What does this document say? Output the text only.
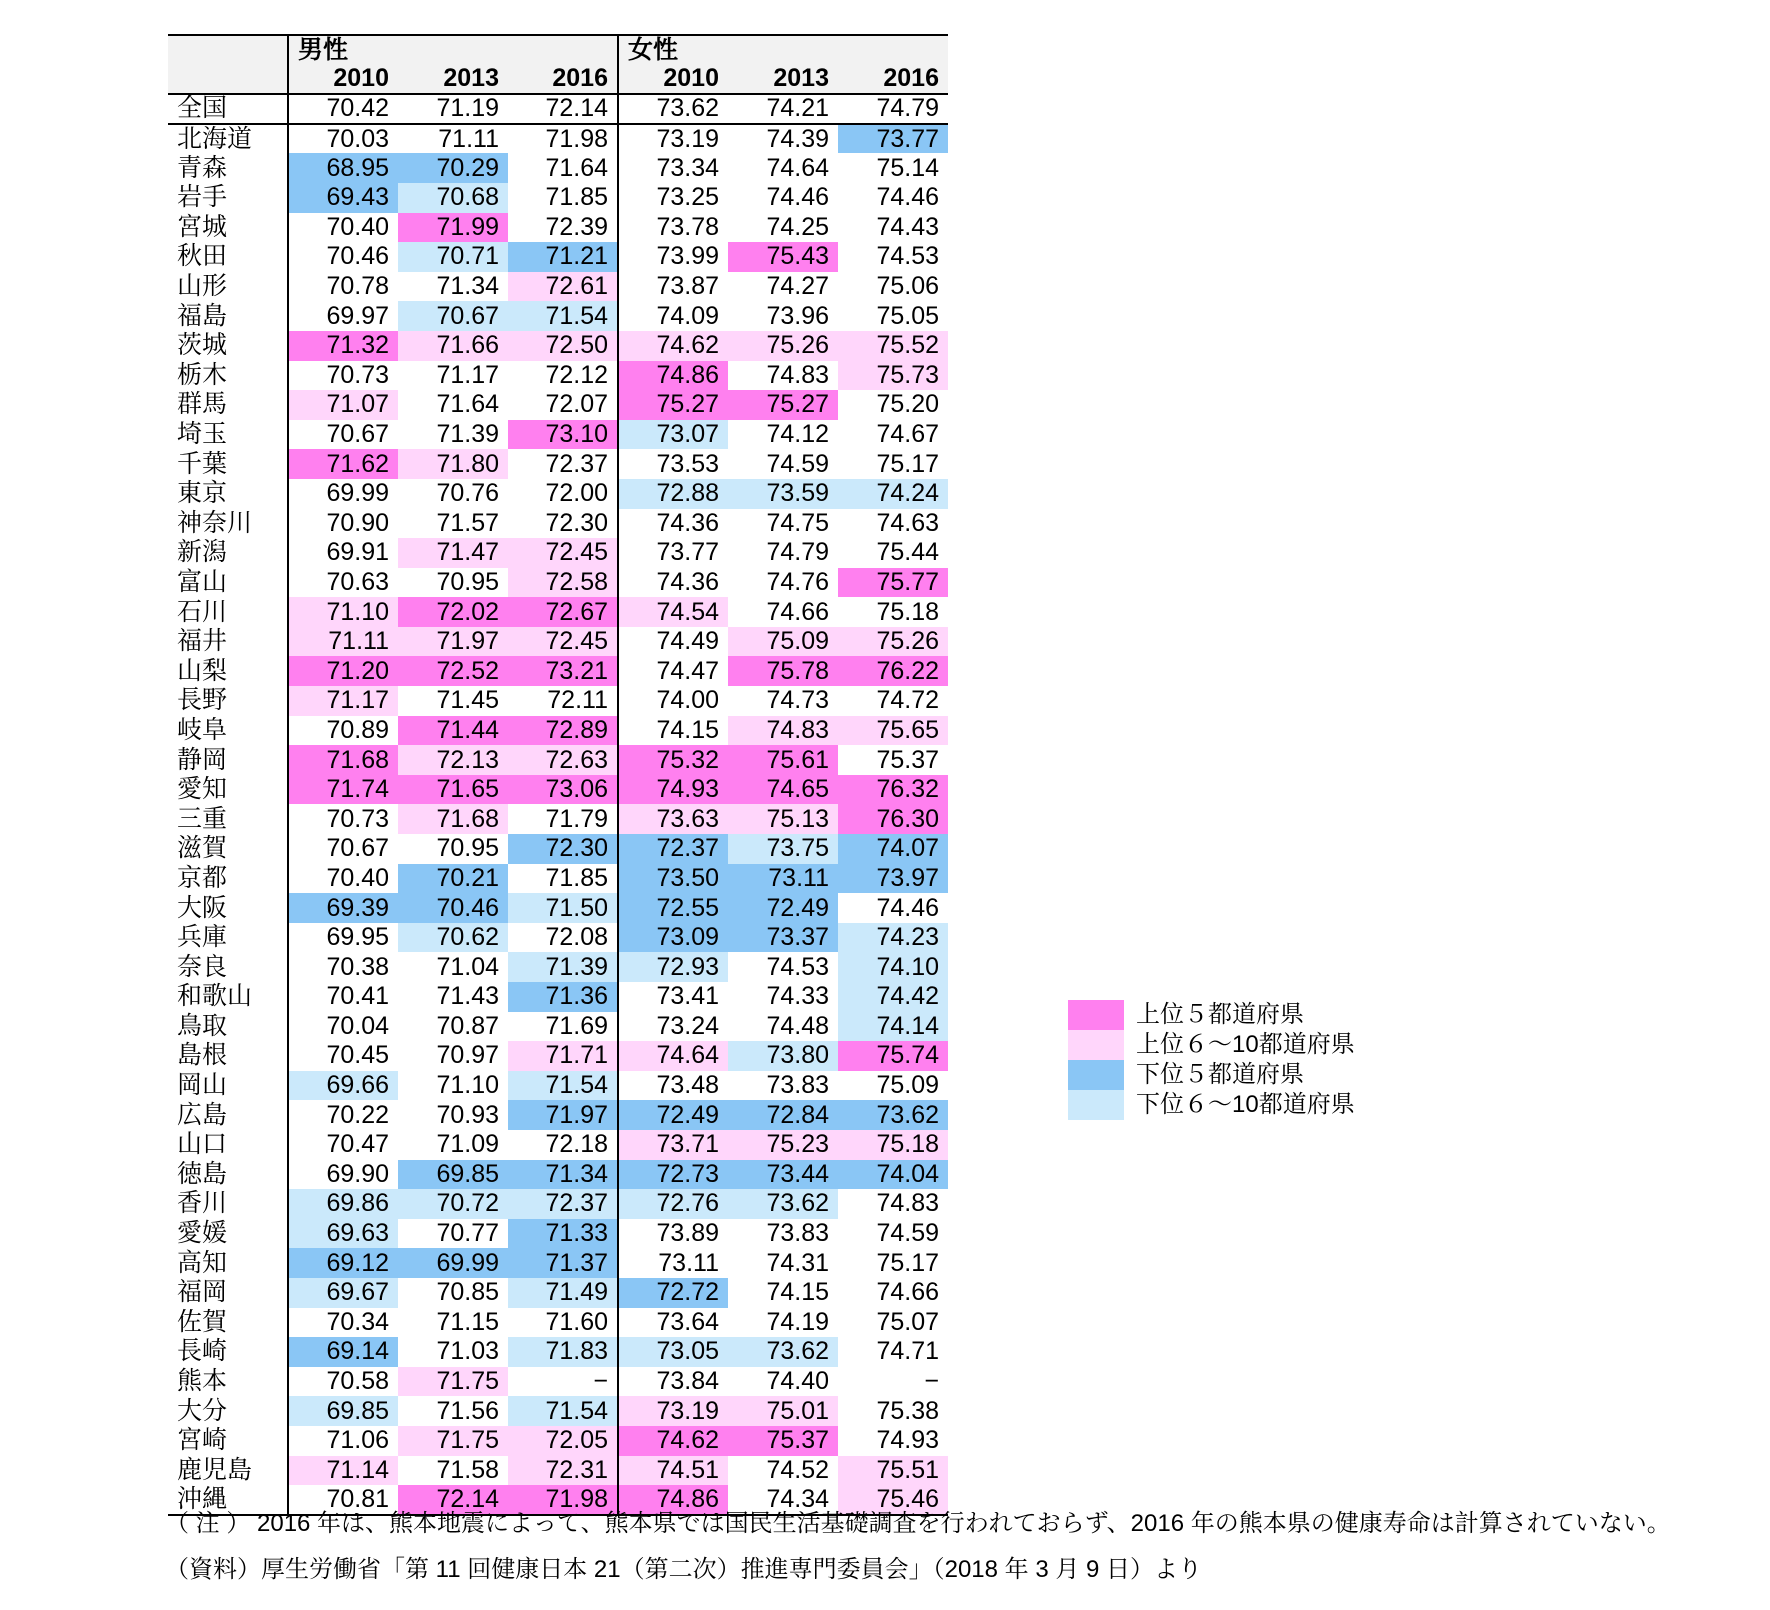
	男性			女性		
	2010	2013	2016	2010	2013	2016
全国	70.42	71.19	72.14	73.62	74.21	74.79
北海道	70.03	71.11	71.98	73.19	74.39	73.77
青森	68.95	70.29	71.64	73.34	74.64	75.14
岩手	69.43	70.68	71.85	73.25	74.46	74.46
宮城	70.40	71.99	72.39	73.78	74.25	74.43
秋田	70.46	70.71	71.21	73.99	75.43	74.53
山形	70.78	71.34	72.61	73.87	74.27	75.06
福島	69.97	70.67	71.54	74.09	73.96	75.05
茨城	71.32	71.66	72.50	74.62	75.26	75.52
栃木	70.73	71.17	72.12	74.86	74.83	75.73
群馬	71.07	71.64	72.07	75.27	75.27	75.20
埼玉	70.67	71.39	73.10	73.07	74.12	74.67
千葉	71.62	71.80	72.37	73.53	74.59	75.17
東京	69.99	70.76	72.00	72.88	73.59	74.24
神奈川	70.90	71.57	72.30	74.36	74.75	74.63
新潟	69.91	71.47	72.45	73.77	74.79	75.44
富山	70.63	70.95	72.58	74.36	74.76	75.77
石川	71.10	72.02	72.67	74.54	74.66	75.18
福井	71.11	71.97	72.45	74.49	75.09	75.26
山梨	71.20	72.52	73.21	74.47	75.78	76.22
長野	71.17	71.45	72.11	74.00	74.73	74.72
岐阜	70.89	71.44	72.89	74.15	74.83	75.65
静岡	71.68	72.13	72.63	75.32	75.61	75.37
愛知	71.74	71.65	73.06	74.93	74.65	76.32
三重	70.73	71.68	71.79	73.63	75.13	76.30
滋賀	70.67	70.95	72.30	72.37	73.75	74.07
京都	70.40	70.21	71.85	73.50	73.11	73.97
大阪	69.39	70.46	71.50	72.55	72.49	74.46
兵庫	69.95	70.62	72.08	73.09	73.37	74.23
奈良	70.38	71.04	71.39	72.93	74.53	74.10
和歌山	70.41	71.43	71.36	73.41	74.33	74.42
鳥取	70.04	70.87	71.69	73.24	74.48	74.14
島根	70.45	70.97	71.71	74.64	73.80	75.74
岡山	69.66	71.10	71.54	73.48	73.83	75.09
広島	70.22	70.93	71.97	72.49	72.84	73.62
山口	70.47	71.09	72.18	73.71	75.23	75.18
徳島	69.90	69.85	71.34	72.73	73.44	74.04
香川	69.86	70.72	72.37	72.76	73.62	74.83
愛媛	69.63	70.77	71.33	73.89	73.83	74.59
高知	69.12	69.99	71.37	73.11	74.31	75.17
福岡	69.67	70.85	71.49	72.72	74.15	74.66
佐賀	70.34	71.15	71.60	73.64	74.19	75.07
長崎	69.14	71.03	71.83	73.05	73.62	74.71
熊本	70.58	71.75	−	73.84	74.40	−
大分	69.85	71.56	71.54	73.19	75.01	75.38
宮崎	71.06	71.75	72.05	74.62	75.37	74.93
鹿児島	71.14	71.58	72.31	74.51	74.52	75.51
沖縄	70.81	72.14	71.98	74.86	74.34	75.46
上位５都道府県
上位６～10都道府県
下位５都道府県
下位６～10都道府県
（ 注 ） 2016 年は、熊本地震によって、熊本県では国民生活基礎調査を行われておらず、2016 年の熊本県の健康寿命は計算されていない。
（資料）厚生労働省「第 11 回健康日本 21（第二次）推進専門委員会」（2018 年 3 月 9 日）より
